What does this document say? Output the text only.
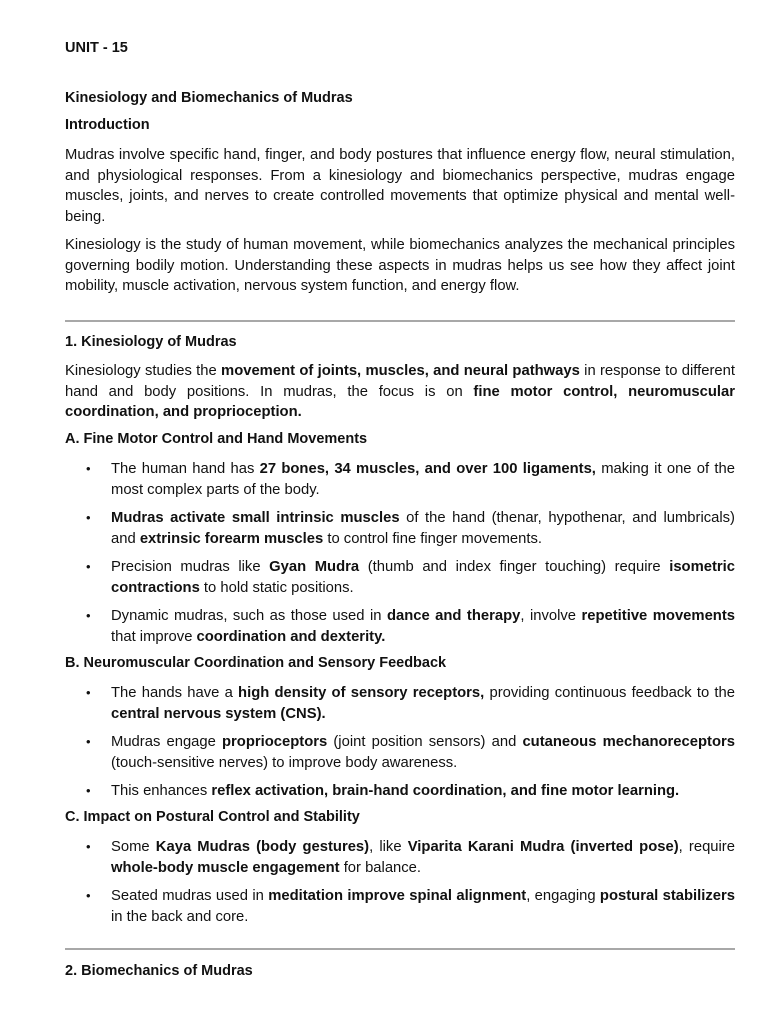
UNIT - 15
Kinesiology and Biomechanics of Mudras
Introduction

Mudras involve specific hand, finger, and body postures that influence energy flow, neural stimulation, and physiological responses. From a kinesiology and biomechanics perspective, mudras engage muscles, joints, and nerves to create controlled movements that optimize physical and mental well-being.

Kinesiology is the study of human movement, while biomechanics analyzes the mechanical principles governing bodily motion. Understanding these aspects in mudras helps us see how they affect joint mobility, muscle activation, nervous system function, and energy flow.

1. Kinesiology of Mudras

Kinesiology studies the movement of joints, muscles, and neural pathways in response to different hand and body positions. In mudras, the focus is on fine motor control, neuromuscular coordination, and proprioception.

A. Fine Motor Control and Hand Movements
• The human hand has 27 bones, 34 muscles, and over 100 ligaments, making it one of the most complex parts of the body.
• Mudras activate small intrinsic muscles of the hand (thenar, hypothenar, and lumbricals) and extrinsic forearm muscles to control fine finger movements.
• Precision mudras like Gyan Mudra (thumb and index finger touching) require isometric contractions to hold static positions.
• Dynamic mudras, such as those used in dance and therapy, involve repetitive movements that improve coordination and dexterity.
B. Neuromuscular Coordination and Sensory Feedback
• The hands have a high density of sensory receptors, providing continuous feedback to the central nervous system (CNS).
• Mudras engage proprioceptors (joint position sensors) and cutaneous mechanoreceptors (touch-sensitive nerves) to improve body awareness.
• This enhances reflex activation, brain-hand coordination, and fine motor learning.
C. Impact on Postural Control and Stability
• Some Kaya Mudras (body gestures), like Viparita Karani Mudra (inverted pose), require whole-body muscle engagement for balance.
• Seated mudras used in meditation improve spinal alignment, engaging postural stabilizers in the back and core.
2. Biomechanics of Mudras
